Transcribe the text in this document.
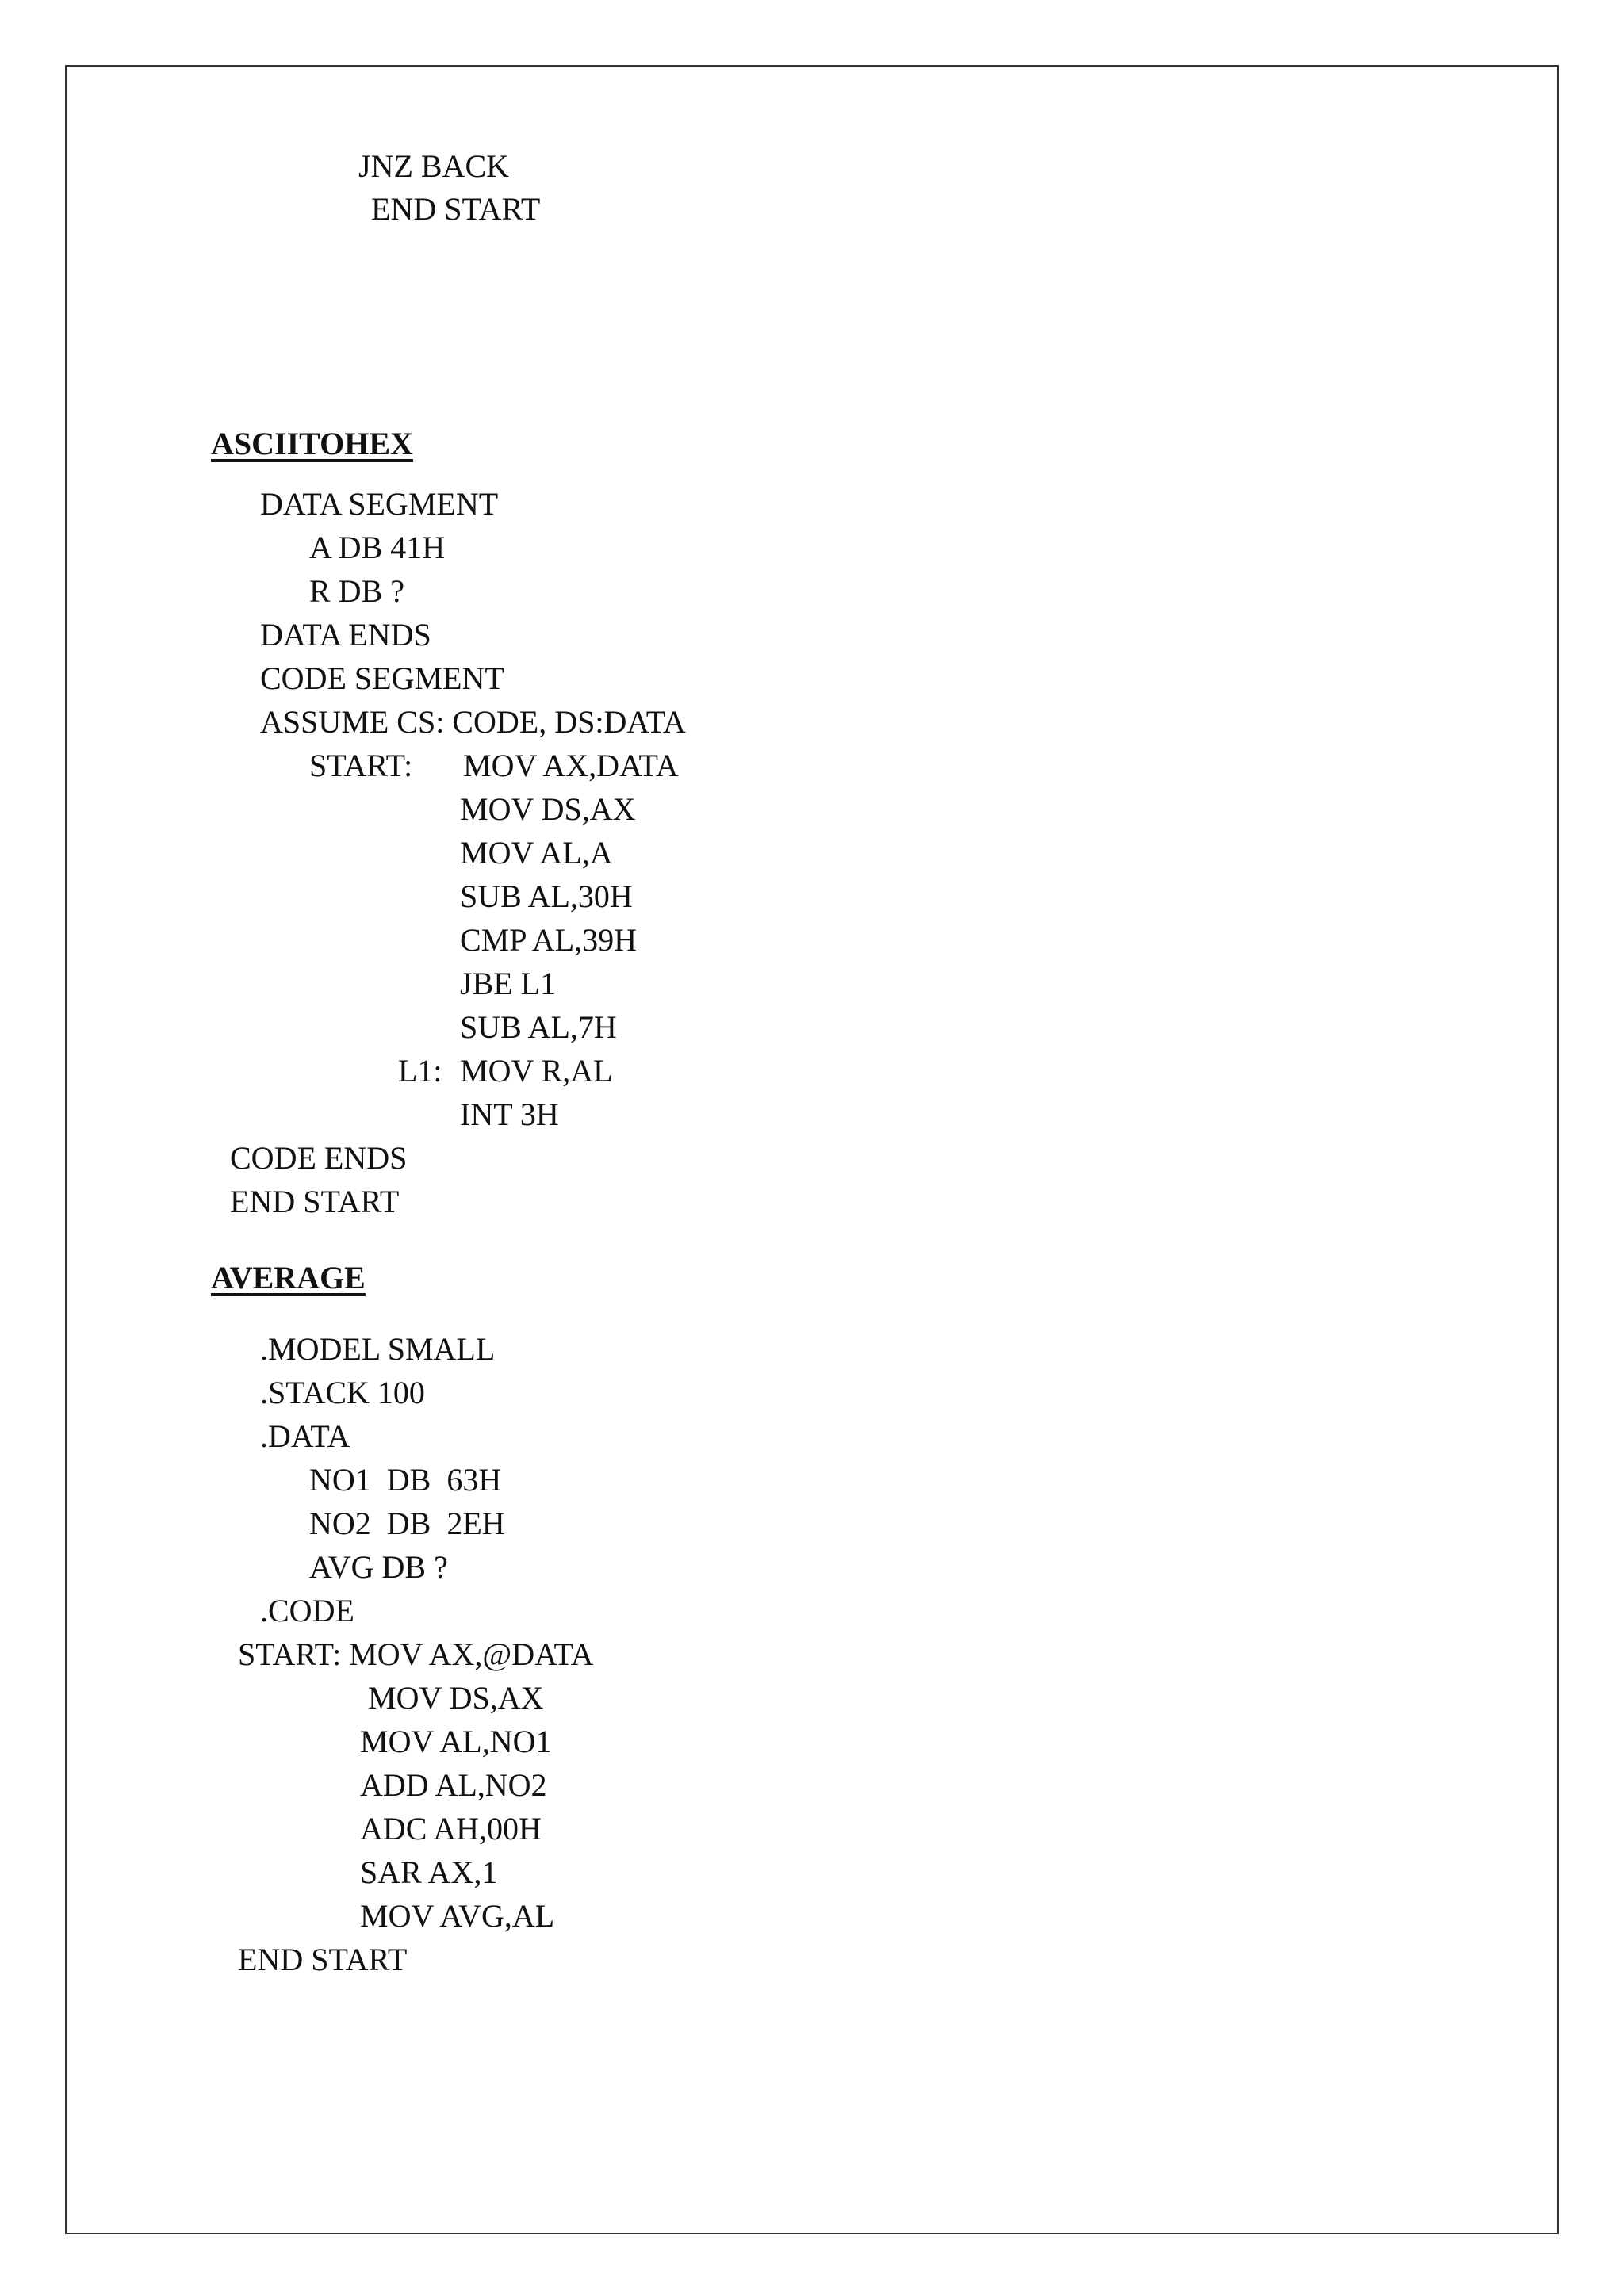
JNZ BACK
END START
ASCIITOHEX
DATA SEGMENT
A DB 41H
R DB ?
DATA ENDS
CODE SEGMENT
ASSUME CS: CODE, DS:DATA
START: MOV AX,DATA
MOV DS,AX
MOV AL,A
SUB AL,30H
CMP AL,39H
JBE L1
SUB AL,7H
L1: MOV R,AL
INT 3H
CODE ENDS
END START
AVERAGE
.MODEL SMALL
.STACK 100
.DATA
NO1  DB  63H
NO2  DB  2EH
AVG DB ?
.CODE
START: MOV AX,@DATA
MOV DS,AX
MOV AL,NO1
ADD AL,NO2
ADC AH,00H
SAR AX,1
MOV AVG,AL
END START
